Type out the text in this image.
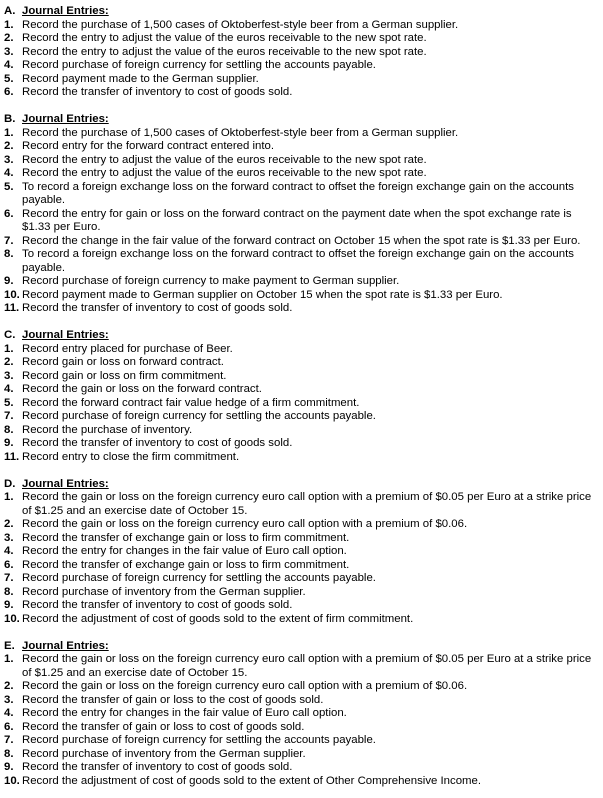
A. Journal Entries:
1. Record the purchase of 1,500 cases of Oktoberfest-style beer from a German supplier.
2. Record the entry to adjust the value of the euros receivable to the new spot rate.
3. Record the entry to adjust the value of the euros receivable to the new spot rate.
4. Record purchase of foreign currency for settling the accounts payable.
5. Record payment made to the German supplier.
6. Record the transfer of inventory to cost of goods sold.
B. Journal Entries:
1. Record the purchase of 1,500 cases of Oktoberfest-style beer from a German supplier.
2. Record entry for the forward contract entered into.
3. Record the entry to adjust the value of the euros receivable to the new spot rate.
4. Record the entry to adjust the value of the euros receivable to the new spot rate.
5. To record a foreign exchange loss on the forward contract to offset the foreign exchange gain on the accounts payable.
6. Record the entry for gain or loss on the forward contract on the payment date when the spot exchange rate is $1.33 per Euro.
7. Record the change in the fair value of the forward contract on October 15 when the spot rate is $1.33 per Euro.
8. To record a foreign exchange loss on the forward contract to offset the foreign exchange gain on the accounts payable.
9. Record purchase of foreign currency to make payment to German supplier.
10. Record payment made to German supplier on October 15 when the spot rate is $1.33 per Euro.
11. Record the transfer of inventory to cost of goods sold.
C. Journal Entries:
1. Record entry placed for purchase of Beer.
2. Record gain or loss on forward contract.
3. Record gain or loss on firm commitment.
4. Record the gain or loss on the forward contract.
5. Record the forward contract fair value hedge of a firm commitment.
7. Record purchase of foreign currency for settling the accounts payable.
8. Record the purchase of inventory.
9. Record the transfer of inventory to cost of goods sold.
11. Record entry to close the firm commitment.
D. Journal Entries:
1. Record the gain or loss on the foreign currency euro call option with a premium of $0.05 per Euro at a strike price of $1.25 and an exercise date of October 15.
2. Record the gain or loss on the foreign currency euro call option with a premium of $0.06.
3. Record the transfer of exchange gain or loss to firm commitment.
4. Record the entry for changes in the fair value of Euro call option.
6. Record the transfer of exchange gain or loss to firm commitment.
7. Record purchase of foreign currency for settling the accounts payable.
8. Record purchase of inventory from the German supplier.
9. Record the transfer of inventory to cost of goods sold.
10. Record the adjustment of cost of goods sold to the extent of firm commitment.
E. Journal Entries:
1. Record the gain or loss on the foreign currency euro call option with a premium of $0.05 per Euro at a strike price of $1.25 and an exercise date of October 15.
2. Record the gain or loss on the foreign currency euro call option with a premium of $0.06.
3. Record the transfer of gain or loss to the cost of goods sold.
4. Record the entry for changes in the fair value of Euro call option.
6. Record the transfer of gain or loss to cost of goods sold.
7. Record purchase of foreign currency for settling the accounts payable.
8. Record purchase of inventory from the German supplier.
9. Record the transfer of inventory to cost of goods sold.
10. Record the adjustment of cost of goods sold to the extent of Other Comprehensive Income.
